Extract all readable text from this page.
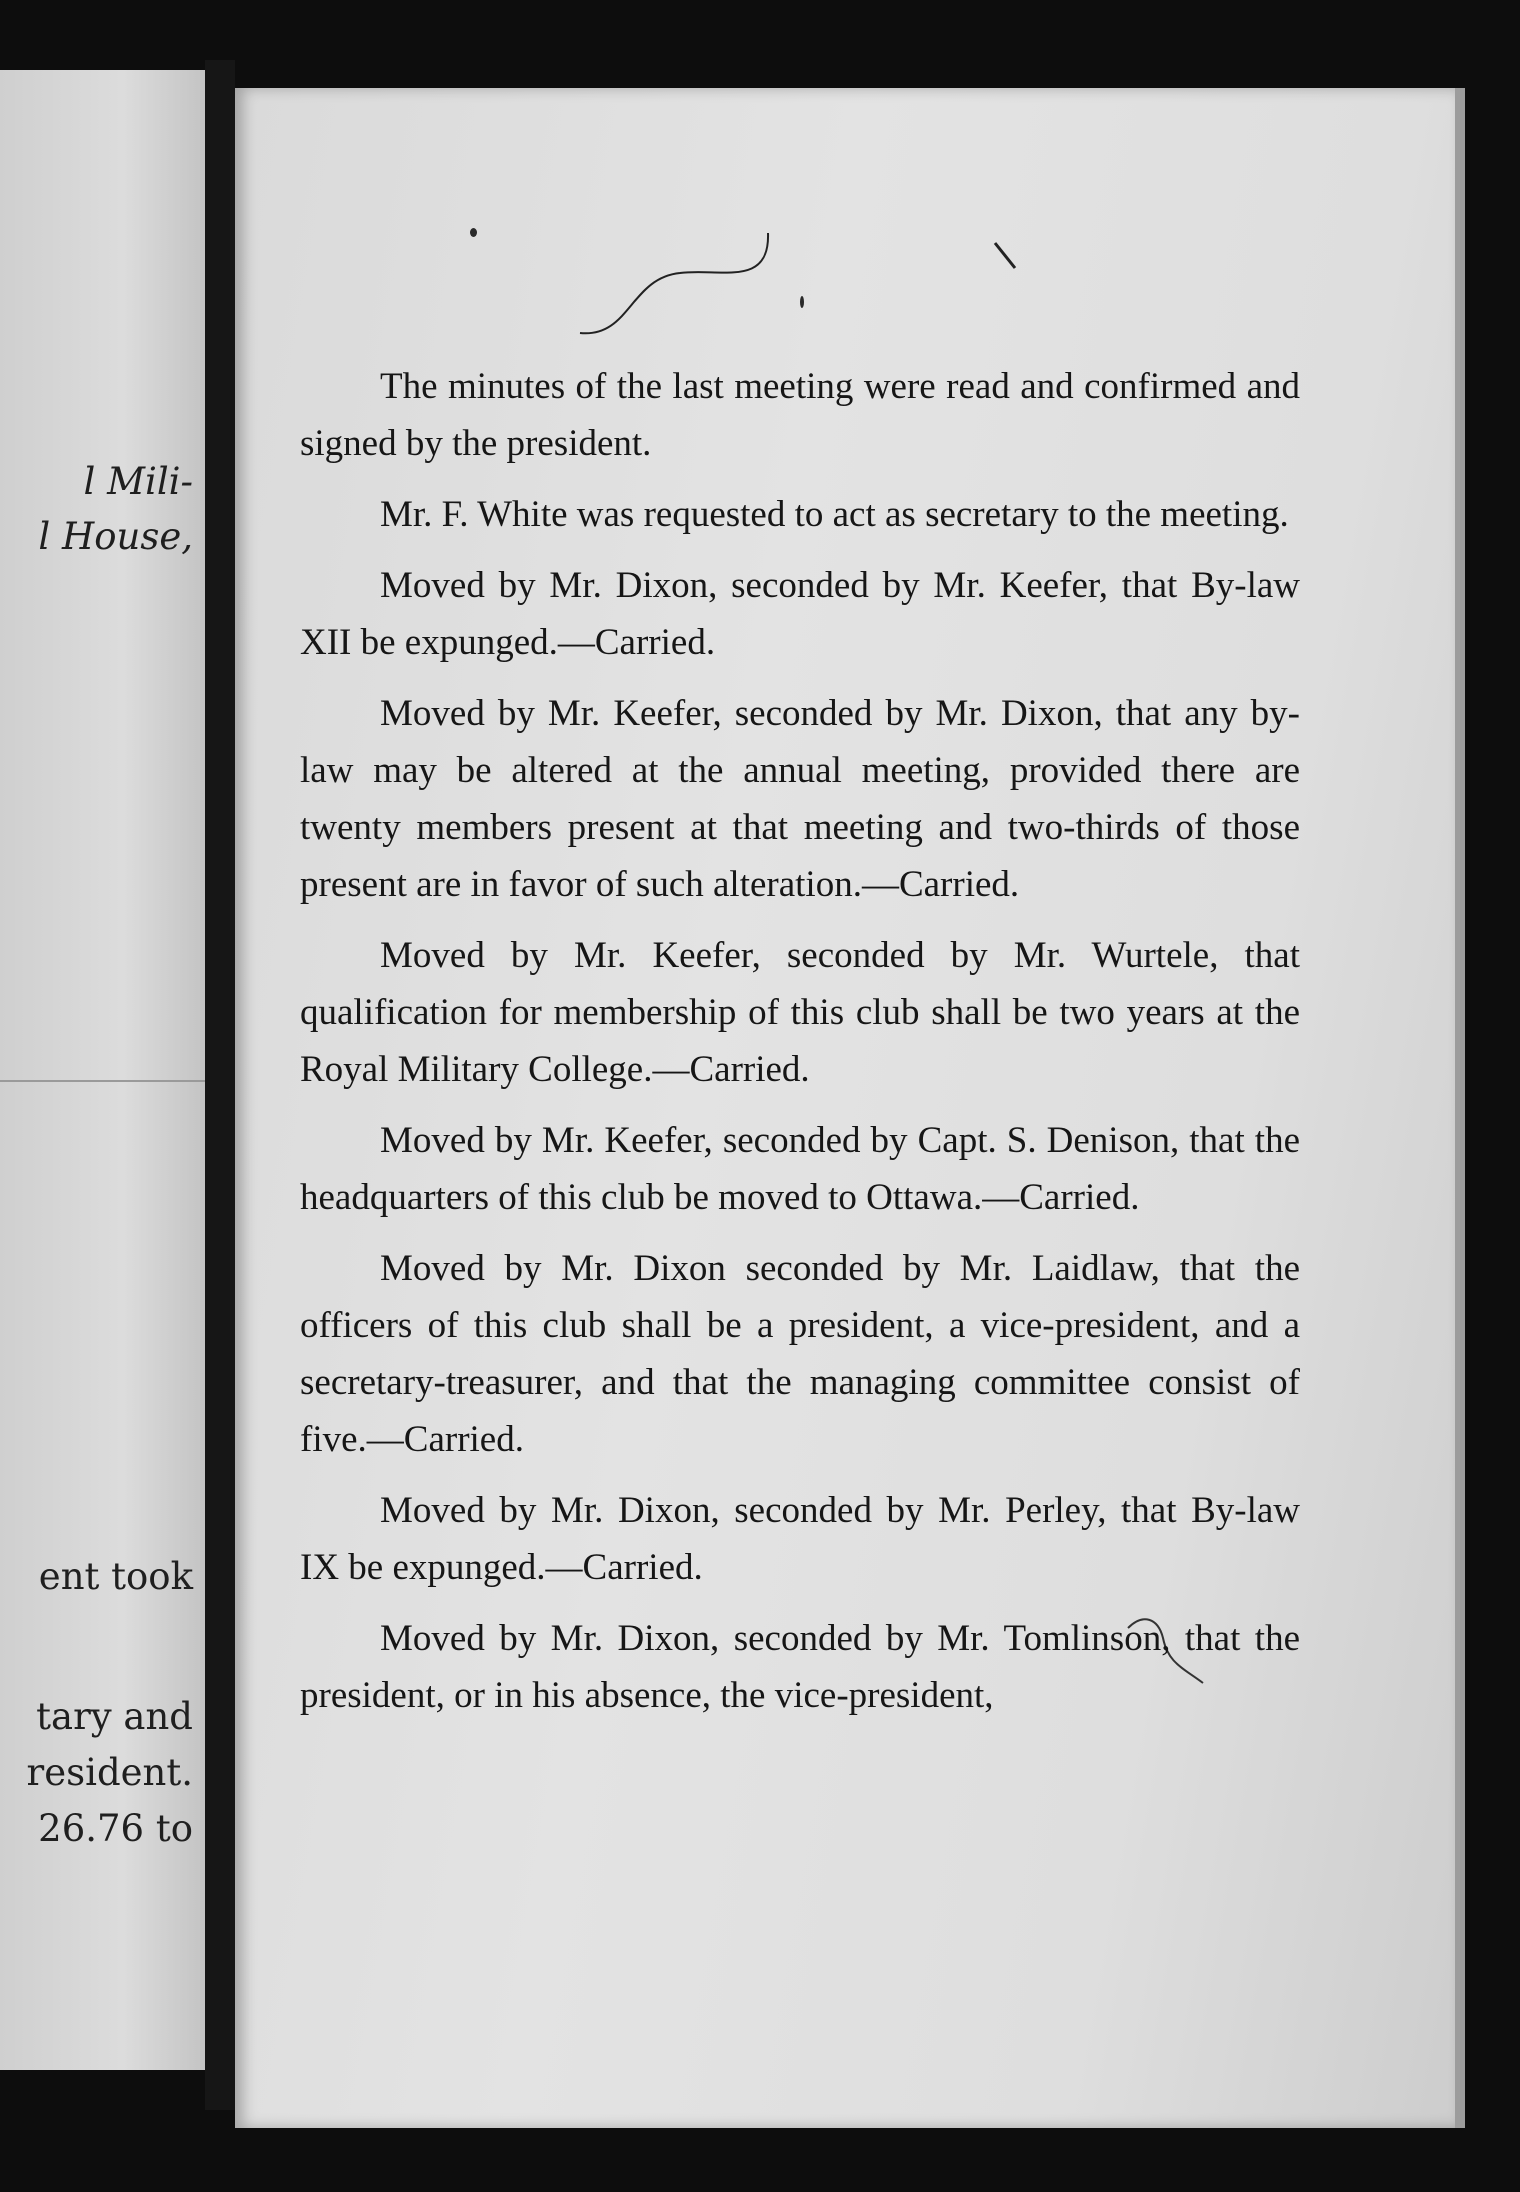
l Mili-
l House,
ent took
tary and
resident.
26.76 to

The minutes of the last meeting were read and confirmed and signed by the president.

Mr. F. White was requested to act as secretary to the meeting.

Moved by Mr. Dixon, seconded by Mr. Keefer, that By-law XII be expunged.—Carried.

Moved by Mr. Keefer, seconded by Mr. Dixon, that any by-law may be altered at the annual meeting, provided there are twenty members present at that meeting and two-thirds of those present are in favor of such alteration.—Carried.

Moved by Mr. Keefer, seconded by Mr. Wurtele, that qualification for membership of this club shall be two years at the Royal Military College.—Carried.

Moved by Mr. Keefer, seconded by Capt. S. Denison, that the headquarters of this club be moved to Ottawa.—Carried.

Moved by Mr. Dixon seconded by Mr. Laidlaw, that the officers of this club shall be a president, a vice-president, and a secretary-treasurer, and that the managing committee consist of five.—Carried.

Moved by Mr. Dixon, seconded by Mr. Perley, that By-law IX be expunged.—Carried.

Moved by Mr. Dixon, seconded by Mr. Tomlinson, that the president, or in his absence, the vice-president,
